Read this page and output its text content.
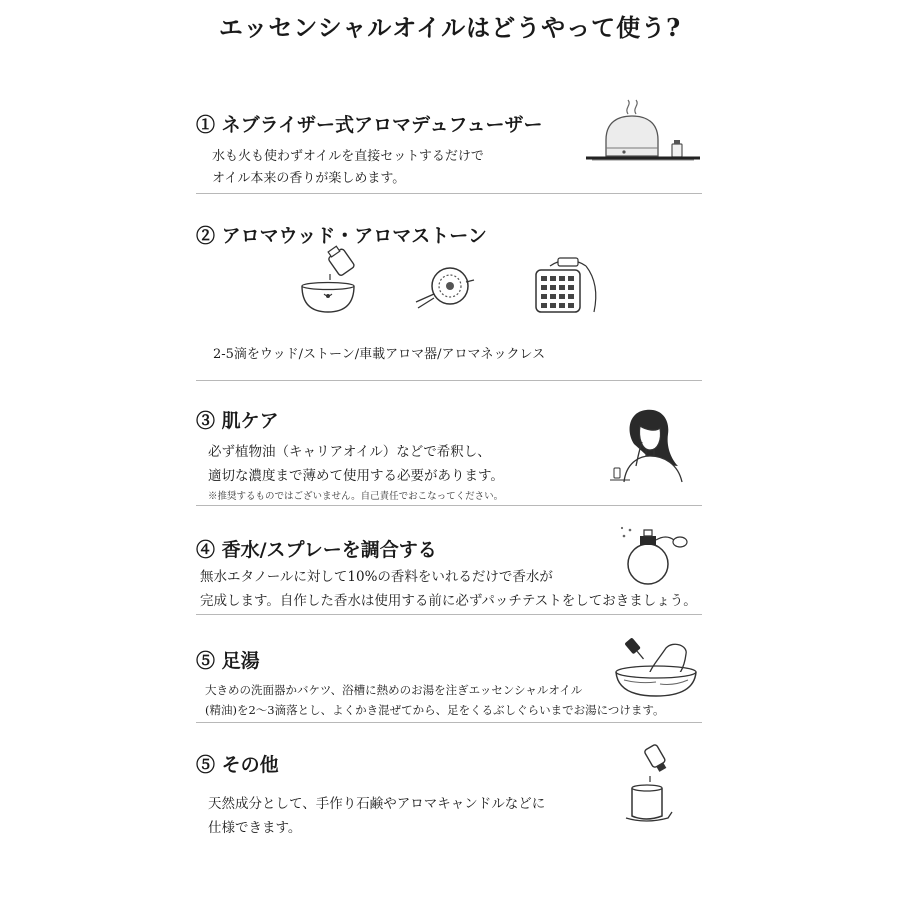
エッセンシャルオイルはどうやって使う?
① ネブライザー式アロマデュフューザー
水も火も使わずオイルを直接セットするだけで
オイル本来の香りが楽しめます。
② アロマウッド・アロマストーン
2-5滴をウッド/ストーン/車載アロマ器/アロマネックレス
③ 肌ケア
必ず植物油（キャリアオイル）などで希釈し、
適切な濃度まで薄めて使用する必要があります。
※推奨するものではございません。自己責任でおこなってください。
④ 香水/スプレーを調合する
無水エタノールに対して10%の香料をいれるだけで香水が
完成します。自作した香水は使用する前に必ずパッチテストをしておきましょう。
⑤ 足湯
大きめの洗面器かバケツ、浴槽に熱めのお湯を注ぎエッセンシャルオイル
(精油)を2〜3滴落とし、よくかき混ぜてから、足をくるぶしぐらいまでお湯につけます。
⑤ その他
天然成分として、手作り石鹸やアロマキャンドルなどに
仕様できます。
